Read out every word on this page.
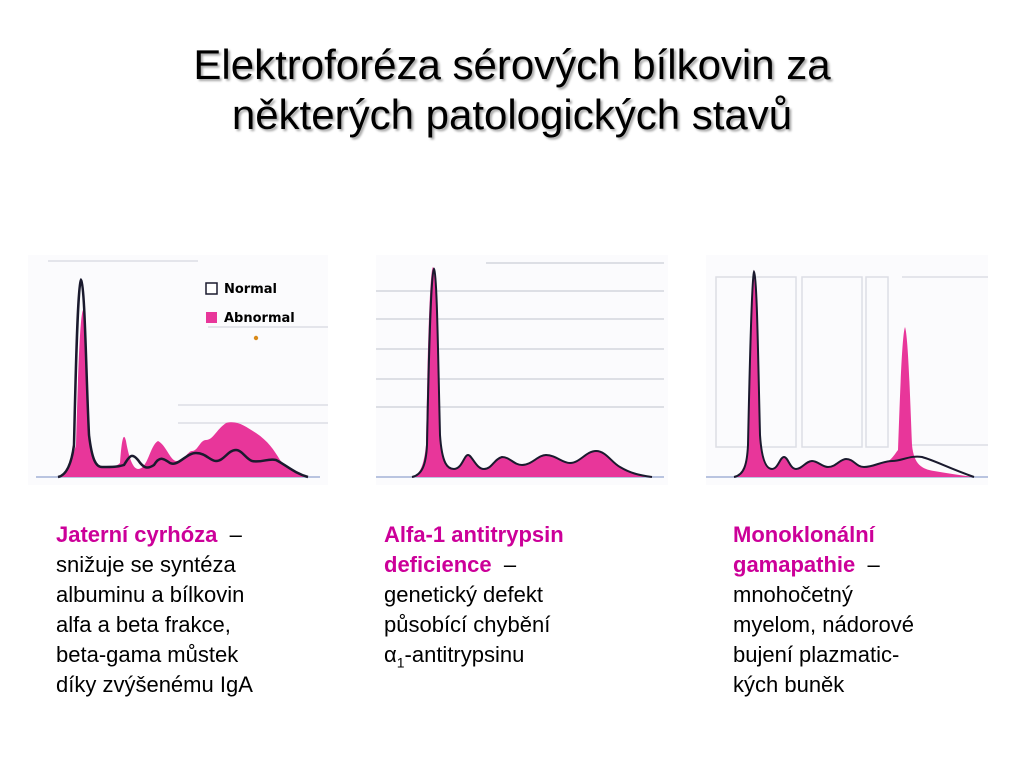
Elektroforéza sérových bílkovin za
některých patologických stavů
Normal
Abnormal
Jaterní cyrhóza –
snižuje se syntéza
albuminu a bílkovin
alfa a beta frakce,
beta-gama můstek
díky zvýšenému IgA
Alfa-1 antitrypsin
deficience –
genetický defekt
působící chybění
$\alpha_1$-antitrypsinu
Monoklonální
gamapathie –
mnohočetný
myelom, nádorové
bujení plazmatic-
kých buněk
